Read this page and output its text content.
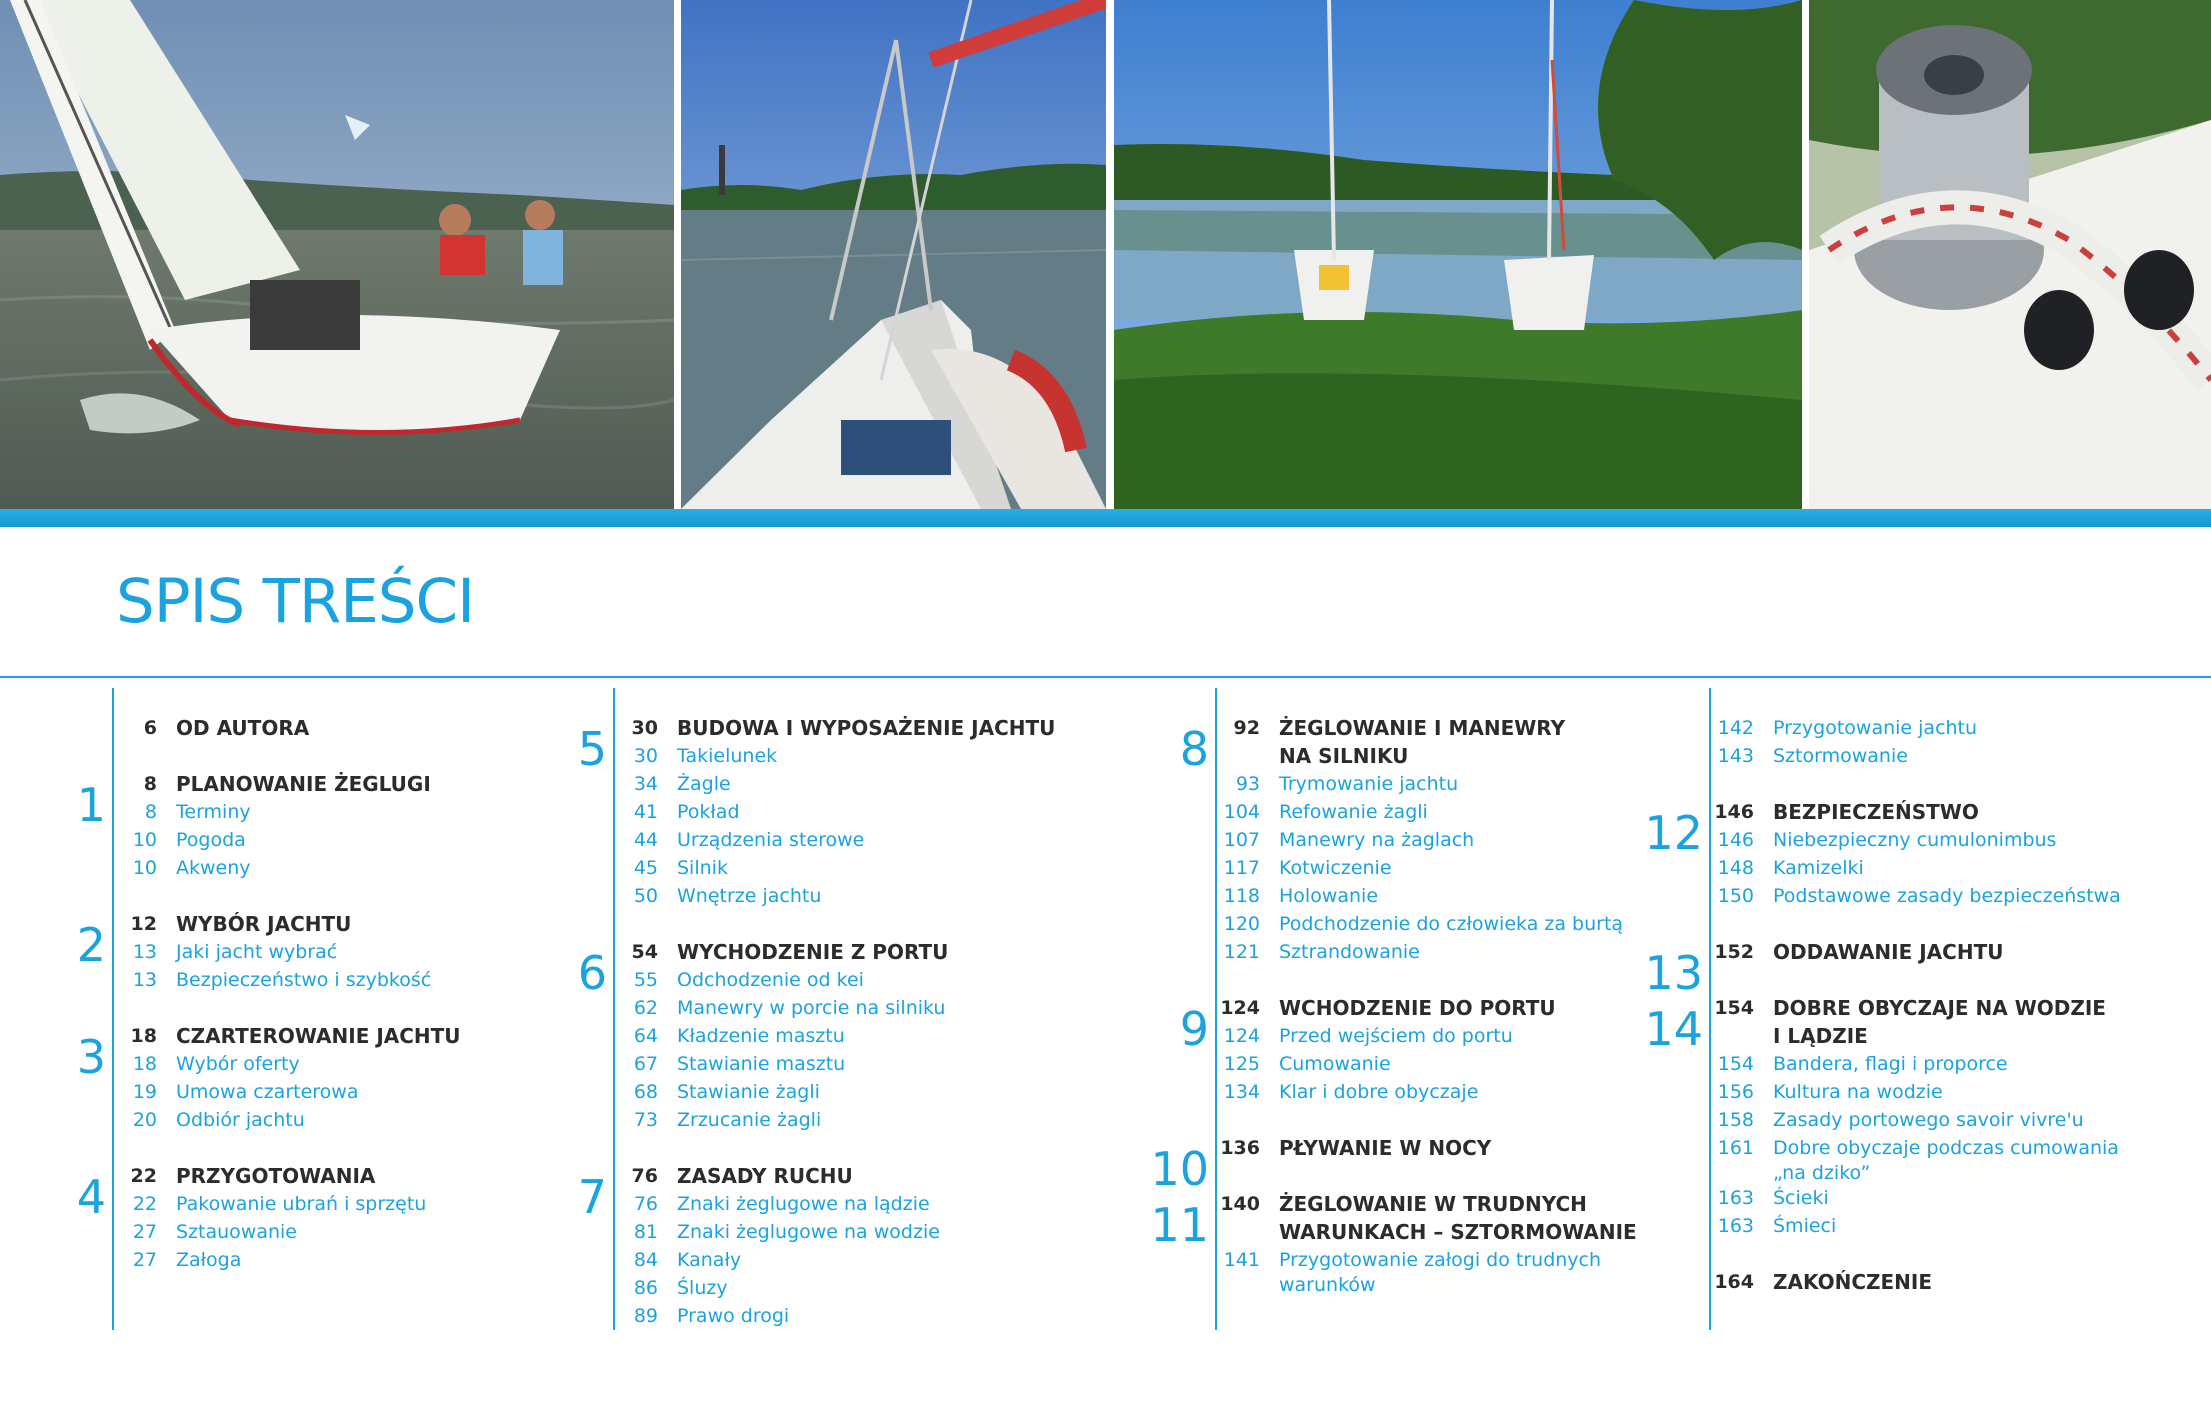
SPIS TREŚCI
6 OD AUTORA
1	8 PLANOWANIE ŻEGLUGI
8 Terminy
10 Pogoda
10 Akweny
2	12 WYBÓR JACHTU
13 Jaki jacht wybrać
13 Bezpieczeństwo i szybkość
3	18 CZARTEROWANIE JACHTU
18 Wybór oferty
19 Umowa czarterowa
20 Odbiór jachtu
4	22 PRZYGOTOWANIA
22 Pakowanie ubrań i sprzętu
27 Sztauowanie
27 Załoga
5	30 BUDOWA I WYPOSAŻENIE JACHTU
30 Takielunek
34 Żagle
41 Pokład
44 Urządzenia sterowe
45 Silnik
50 Wnętrze jachtu
6	54 WYCHODZENIE Z PORTU
55 Odchodzenie od kei
62 Manewry w porcie na silniku
64 Kładzenie masztu
67 Stawianie masztu
68 Stawianie żagli
73 Zrzucanie żagli
7	76 ZASADY RUCHU
76 Znaki żeglugowe na lądzie
81 Znaki żeglugowe na wodzie
84 Kanały
86 Śluzy
89 Prawo drogi
8	92 ŻEGLOWANIE I MANEWRY
NA SILNIKU
93 Trymowanie jachtu
104 Refowanie żagli
107 Manewry na żaglach
117 Kotwiczenie
118 Holowanie
120 Podchodzenie do człowieka za burtą
121 Sztrandowanie
9 124 WCHODZENIE DO PORTU
124 Przed wejściem do portu
125 Cumowanie
134 Klar i dobre obyczaje
10 136 PŁYWANIE W NOCY
11 140 ŻEGLOWANIE W TRUDNYCH
WARUNKACH – SZTORMOWANIE
141 Przygotowanie załogi do trudnych
warunków
142 Przygotowanie jachtu
143 Sztormowanie
12 146 BEZPIECZEŃSTWO
146 Niebezpieczny cumulonimbus
148 Kamizelki
150 Podstawowe zasady bezpieczeństwa
13 152 ODDAWANIE JACHTU
14 154 DOBRE OBYCZAJE NA WODZIE
I LĄDZIE
154 Bandera, flagi i proporce
156 Kultura na wodzie
158 Zasady portowego savoir vivre'u
161 Dobre obyczaje podczas cumowania
„na dziko”
163 Ścieki
163 Śmieci
164 ZAKOŃCZENIE
